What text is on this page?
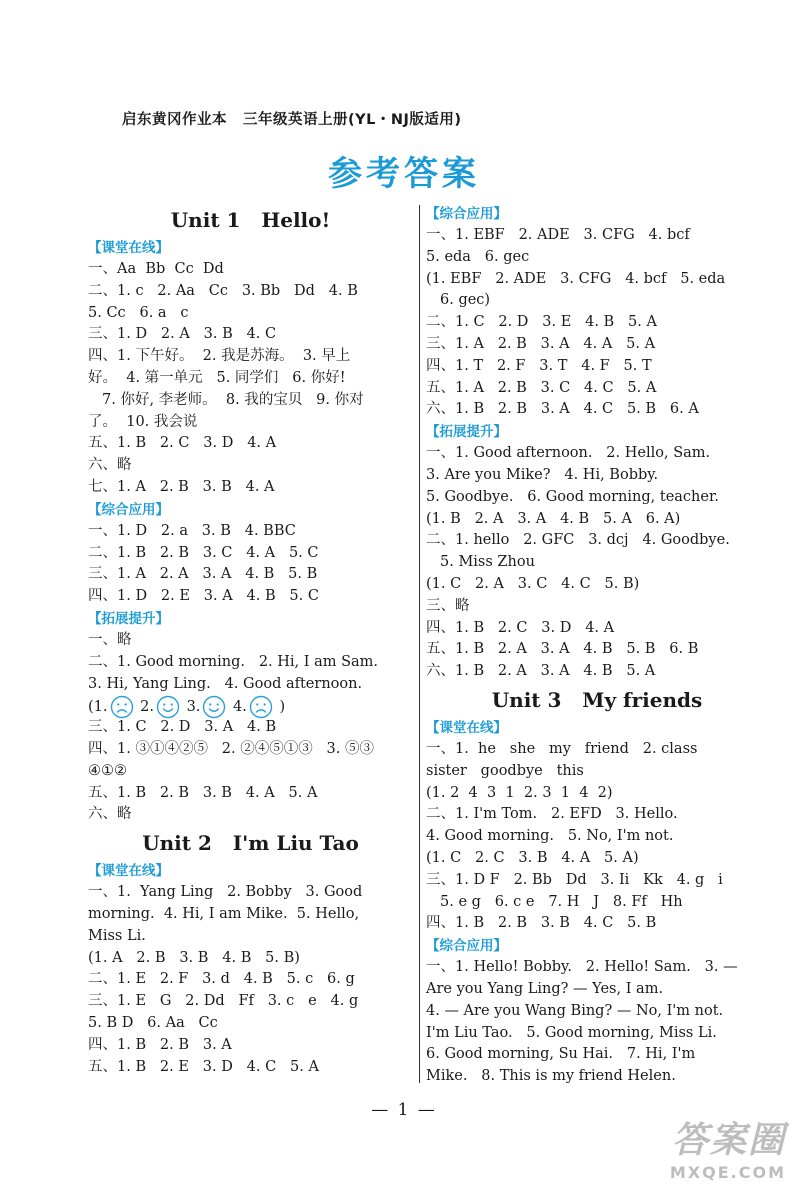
启东黄冈作业本 三年级英语上册(YL・NJ版适用)
参考答案
Unit 1   Hello!
【课堂在线】
一、Aa  Bb  Cc  Dd
二、1. c   2. Aa   Cc   3. Bb   Dd   4. B
5. Cc   6. a   c
三、1. D   2. A   3. B   4. C
四、1. 下午好。  2. 我是苏海。  3. 早上
好。  4. 第一单元   5. 同学们   6. 你好!
7. 你好, 李老师。  8. 我的宝贝   9. 你对
了。  10. 我会说
五、1. B   2. C   3. D   4. A
六、略
七、1. A   2. B   3. B   4. A
【综合应用】
一、1. D   2. a   3. B   4. BBC
二、1. B   2. B   3. C   4. A   5. C
三、1. A   2. A   3. A   4. B   5. B
四、1. D   2. E   3. A   4. B   5. C
【拓展提升】
一、略
二、1. Good morning.   2. Hi, I am Sam.
3. Hi, Yang Ling.   4. Good afternoon.
(1. 2. 3. 4. )
三、1. C   2. D   3. A   4. B
四、1. ③①④②⑤   2. ②④⑤①③   3. ⑤③
④①②
五、1. B   2. B   3. B   4. A   5. A
六、略
Unit 2   I'm Liu Tao
【课堂在线】
一、1.  Yang Ling   2. Bobby   3. Good
morning.  4. Hi, I am Mike.  5. Hello,
Miss Li.
(1. A   2. B   3. B   4. B   5. B)
二、1. E   2. F   3. d   4. B   5. c   6. g
三、1. E   G   2. Dd   Ff   3. c   e   4. g
5. B D   6. Aa   Cc
四、1. B   2. B   3. A
五、1. B   2. E   3. D   4. C   5. A
【综合应用】
一、1. EBF   2. ADE   3. CFG   4. bcf
5. eda   6. gec
(1. EBF   2. ADE   3. CFG   4. bcf   5. eda
6. gec)
二、1. C   2. D   3. E   4. B   5. A
三、1. A   2. B   3. A   4. A   5. A
四、1. T   2. F   3. T   4. F   5. T
五、1. A   2. B   3. C   4. C   5. A
六、1. B   2. B   3. A   4. C   5. B   6. A
【拓展提升】
一、1. Good afternoon.   2. Hello, Sam.
3. Are you Mike?   4. Hi, Bobby.
5. Goodbye.   6. Good morning, teacher.
(1. B   2. A   3. A   4. B   5. A   6. A)
二、1. hello   2. GFC   3. dcj   4. Goodbye.
5. Miss Zhou
(1. C   2. A   3. C   4. C   5. B)
三、略
四、1. B   2. C   3. D   4. A
五、1. B   2. A   3. A   4. B   5. B   6. B
六、1. B   2. A   3. A   4. B   5. A
Unit 3   My friends
【课堂在线】
一、1.  he   she   my   friend   2. class
sister   goodbye   this
(1. 2  4  3  1  2. 3  1  4  2)
二、1. I'm Tom.   2. EFD   3. Hello.
4. Good morning.   5. No, I'm not.
(1. C   2. C   3. B   4. A   5. A)
三、1. D F   2. Bb   Dd   3. Ii   Kk   4. g   i
5. e g   6. c e   7. H   J   8. Ff   Hh
四、1. B   2. B   3. B   4. C   5. B
【综合应用】
一、1. Hello! Bobby.   2. Hello! Sam.   3. —
Are you Yang Ling? — Yes, I am.
4. — Are you Wang Bing? — No, I'm not.
I'm Liu Tao.   5. Good morning, Miss Li.
6. Good morning, Su Hai.   7. Hi, I'm
Mike.   8. This is my friend Helen.
— 1 —
答案圈
MXQE.COM
